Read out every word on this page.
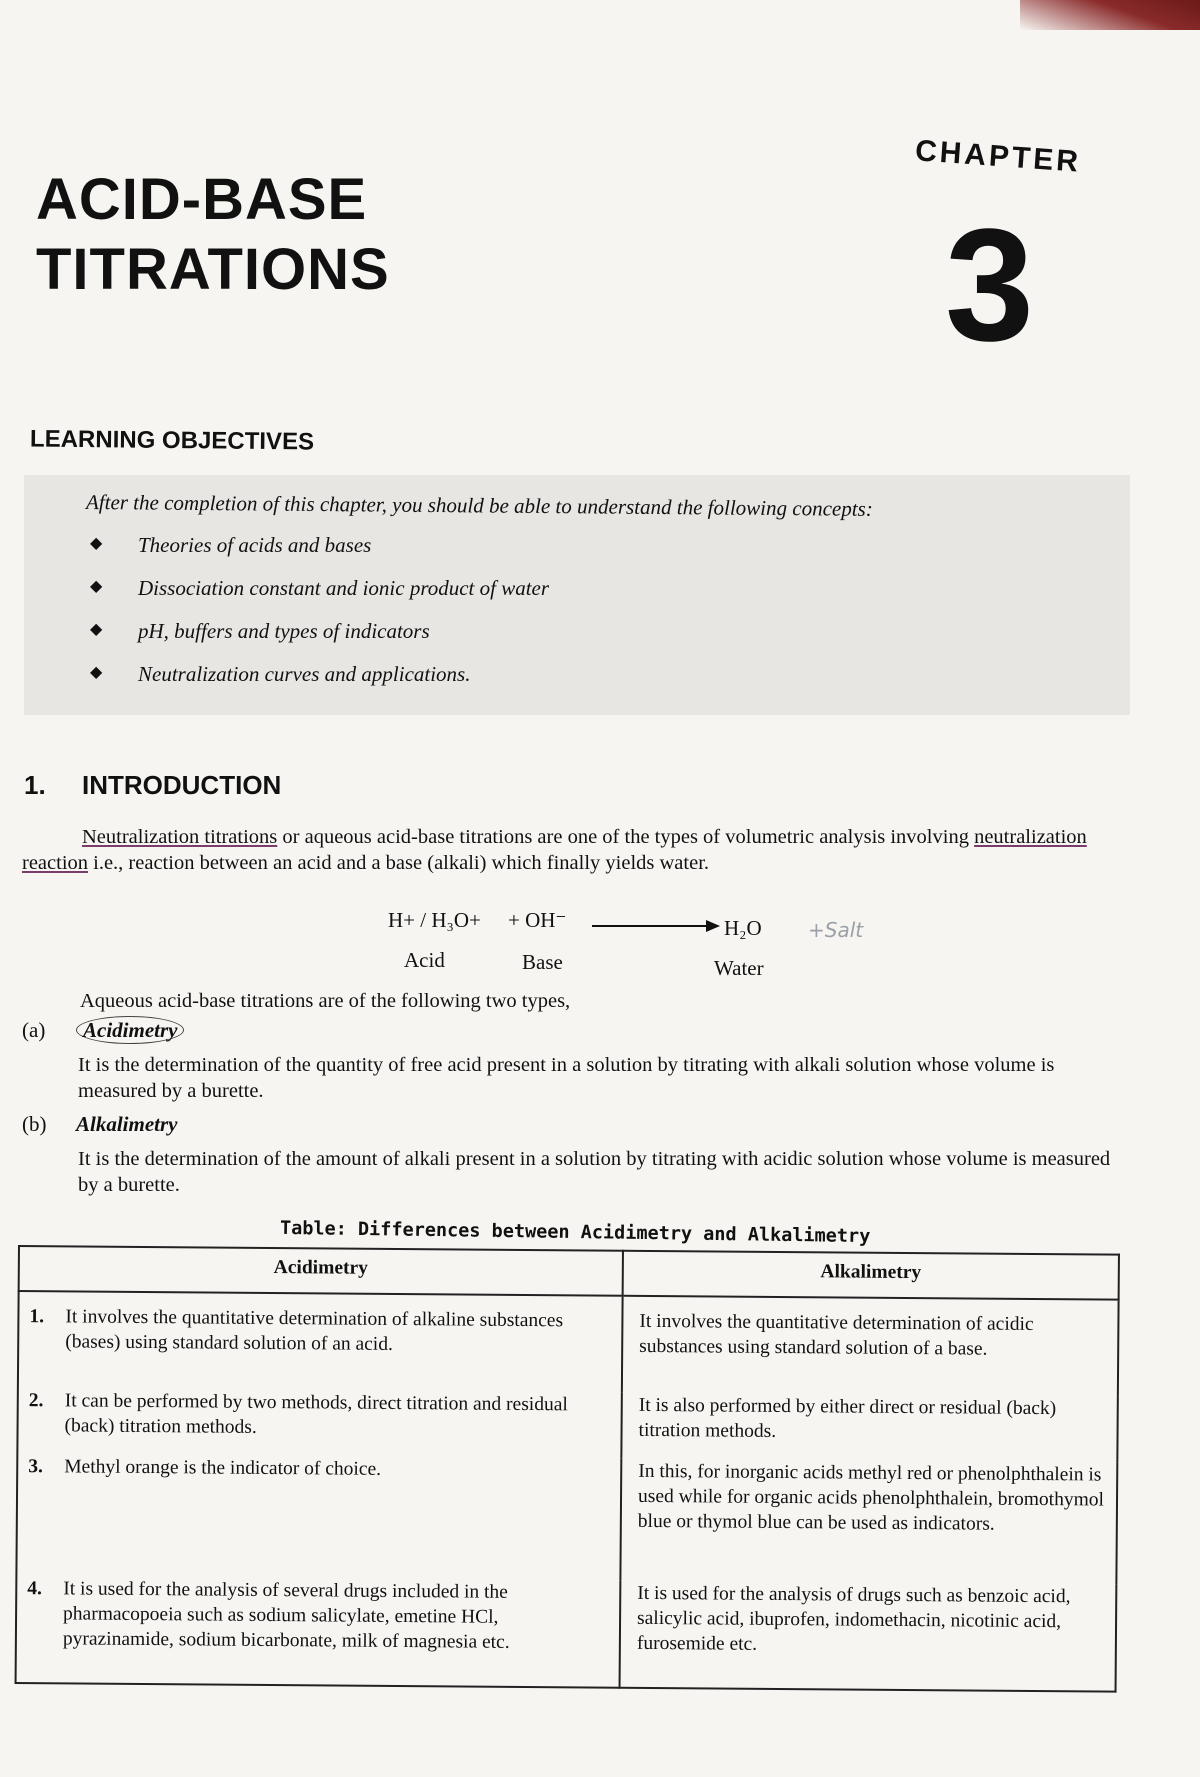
CHAPTER
3
ACID-BASE
TITRATIONS
LEARNING OBJECTIVES
After the completion of this chapter, you should be able to understand the following concepts:
◆ Theories of acids and bases
◆ Dissociation constant and ionic product of water
◆ pH, buffers and types of indicators
◆ Neutralization curves and applications.
1. INTRODUCTION
Neutralization titrations or aqueous acid-base titrations are one of the types of volumetric analysis involving neutralization reaction i.e., reaction between an acid and a base (alkali) which finally yields water.
H+ / H₃O+ + OH⁻	H₂O +Salt
Acid	Base	Water
Aqueous acid-base titrations are of the following two types,
(a)	Acidimetry
It is the determination of the quantity of free acid present in a solution by titrating with alkali solution whose volume is measured by a burette.
(b) Alkalimetry
It is the determination of the amount of alkali present in a solution by titrating with acidic solution whose volume is measured by a burette.
Table: Differences between Acidimetry and Alkalimetry
Acidimetry	Alkalimetry

1. It involves the quantitative determination of alkaline substances (bases) using standard solution of an acid.	It involves the quantitative determination of acidic substances using standard solution of a base.

2. It can be performed by two methods, direct titration and residual (back) titration methods.	It is also performed by either direct or residual (back) titration methods.

3. Methyl orange is the indicator of choice.	In this, for inorganic acids methyl red or phenolphthalein is used while for organic acids phenolphthalein, bromothymol blue or thymol blue can be used as indicators.

4. It is used for the analysis of several drugs included in the pharmacopoeia such as sodium salicylate, emetine HCl, pyrazinamide, sodium bicarbonate, milk of magnesia etc.	It is used for the analysis of drugs such as benzoic acid, salicylic acid, ibuprofen, indomethacin, nicotinic acid, furosemide etc.
